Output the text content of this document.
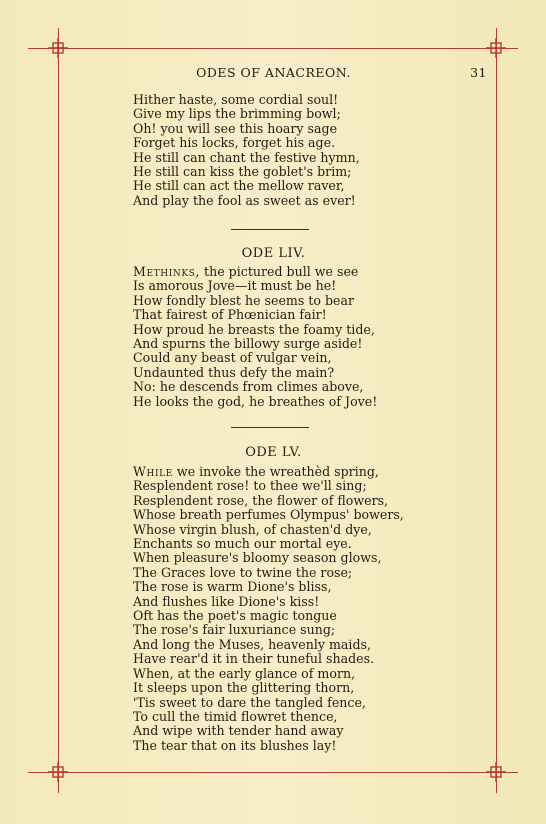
ODES OF ANACREON.	31
Hither haste, some cordial soul!
Give my lips the brimming bowl;
Oh! you will see this hoary sage
Forget his locks, forget his age.
He still can chant the festive hymn,
He still can kiss the goblet's brim;
He still can act the mellow raver,
And play the fool as sweet as ever!
ODE LIV.
Methinks, the pictured bull we see
Is amorous Jove—it must be he!
How fondly blest he seems to bear
That fairest of Phœnician fair!
How proud he breasts the foamy tide,
And spurns the billowy surge aside!
Could any beast of vulgar vein,
Undaunted thus defy the main?
No: he descends from climes above,
He looks the god, he breathes of Jove!
ODE LV.
While we invoke the wreathèd spring,
Resplendent rose! to thee we'll sing;
Resplendent rose, the flower of flowers,
Whose breath perfumes Olympus' bowers,
Whose virgin blush, of chasten'd dye,
Enchants so much our mortal eye.
When pleasure's bloomy season glows,
The Graces love to twine the rose;
The rose is warm Dione's bliss,
And flushes like Dione's kiss!
Oft has the poet's magic tongue
The rose's fair luxuriance sung;
And long the Muses, heavenly maids,
Have rear'd it in their tuneful shades.
When, at the early glance of morn,
It sleeps upon the glittering thorn,
'Tis sweet to dare the tangled fence,
To cull the timid flowret thence,
And wipe with tender hand away
The tear that on its blushes lay!
